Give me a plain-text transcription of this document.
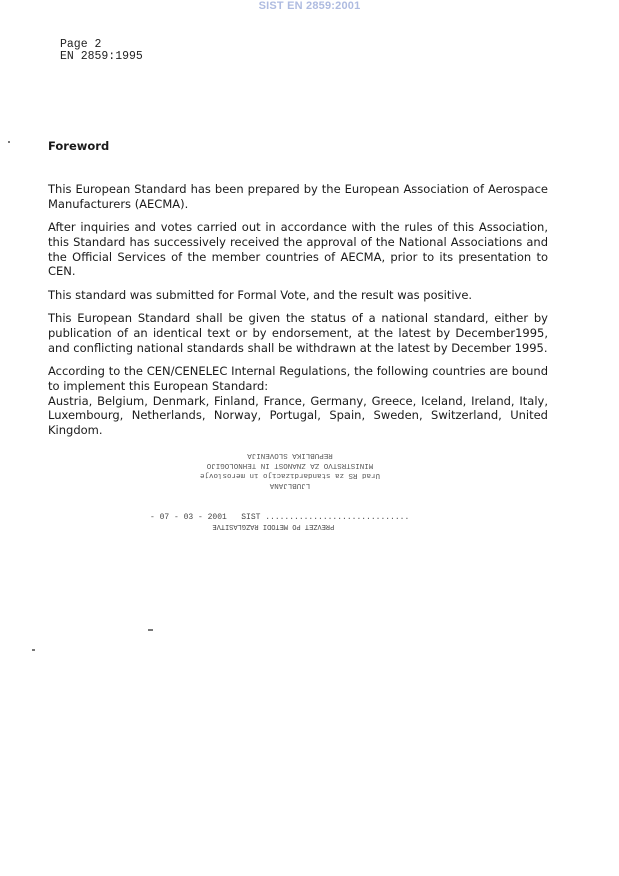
SIST EN 2859:2001
Page 2
EN 2859:1995
Foreword

This European Standard has been prepared by the European Association of Aerospace Manufacturers (AECMA).

After inquiries and votes carried out in accordance with the rules of this Association, this Standard has successively received the approval of the National Associations and the Official Services of the member countries of AECMA, prior to its presentation to CEN.

This standard was submitted for Formal Vote, and the result was positive.

This European Standard shall be given the status of a national standard, either by publication of an identical text or by endorsement, at the latest by December1995, and conflicting national standards shall be withdrawn at the latest by December 1995.

According to the CEN/CENELEC Internal Regulations, the following countries are bound to implement this European Standard:

Austria, Belgium, Denmark, Finland, France, Germany, Greece, Iceland, Ireland, Italy, Luxembourg, Netherlands, Norway, Portugal, Spain, Sweden, Switzerland, United Kingdom.

REPUBLIKA SLOVENIJA
MINISTRSTVO ZA ZNANOST IN TEHNOLOGIJO
Urad RS za standardizacijo in meroslovje
LJUBLJANA
- 07 - 03 - 2001 SIST ..............................
PREVZET PO METODI RAZGLASITVE
